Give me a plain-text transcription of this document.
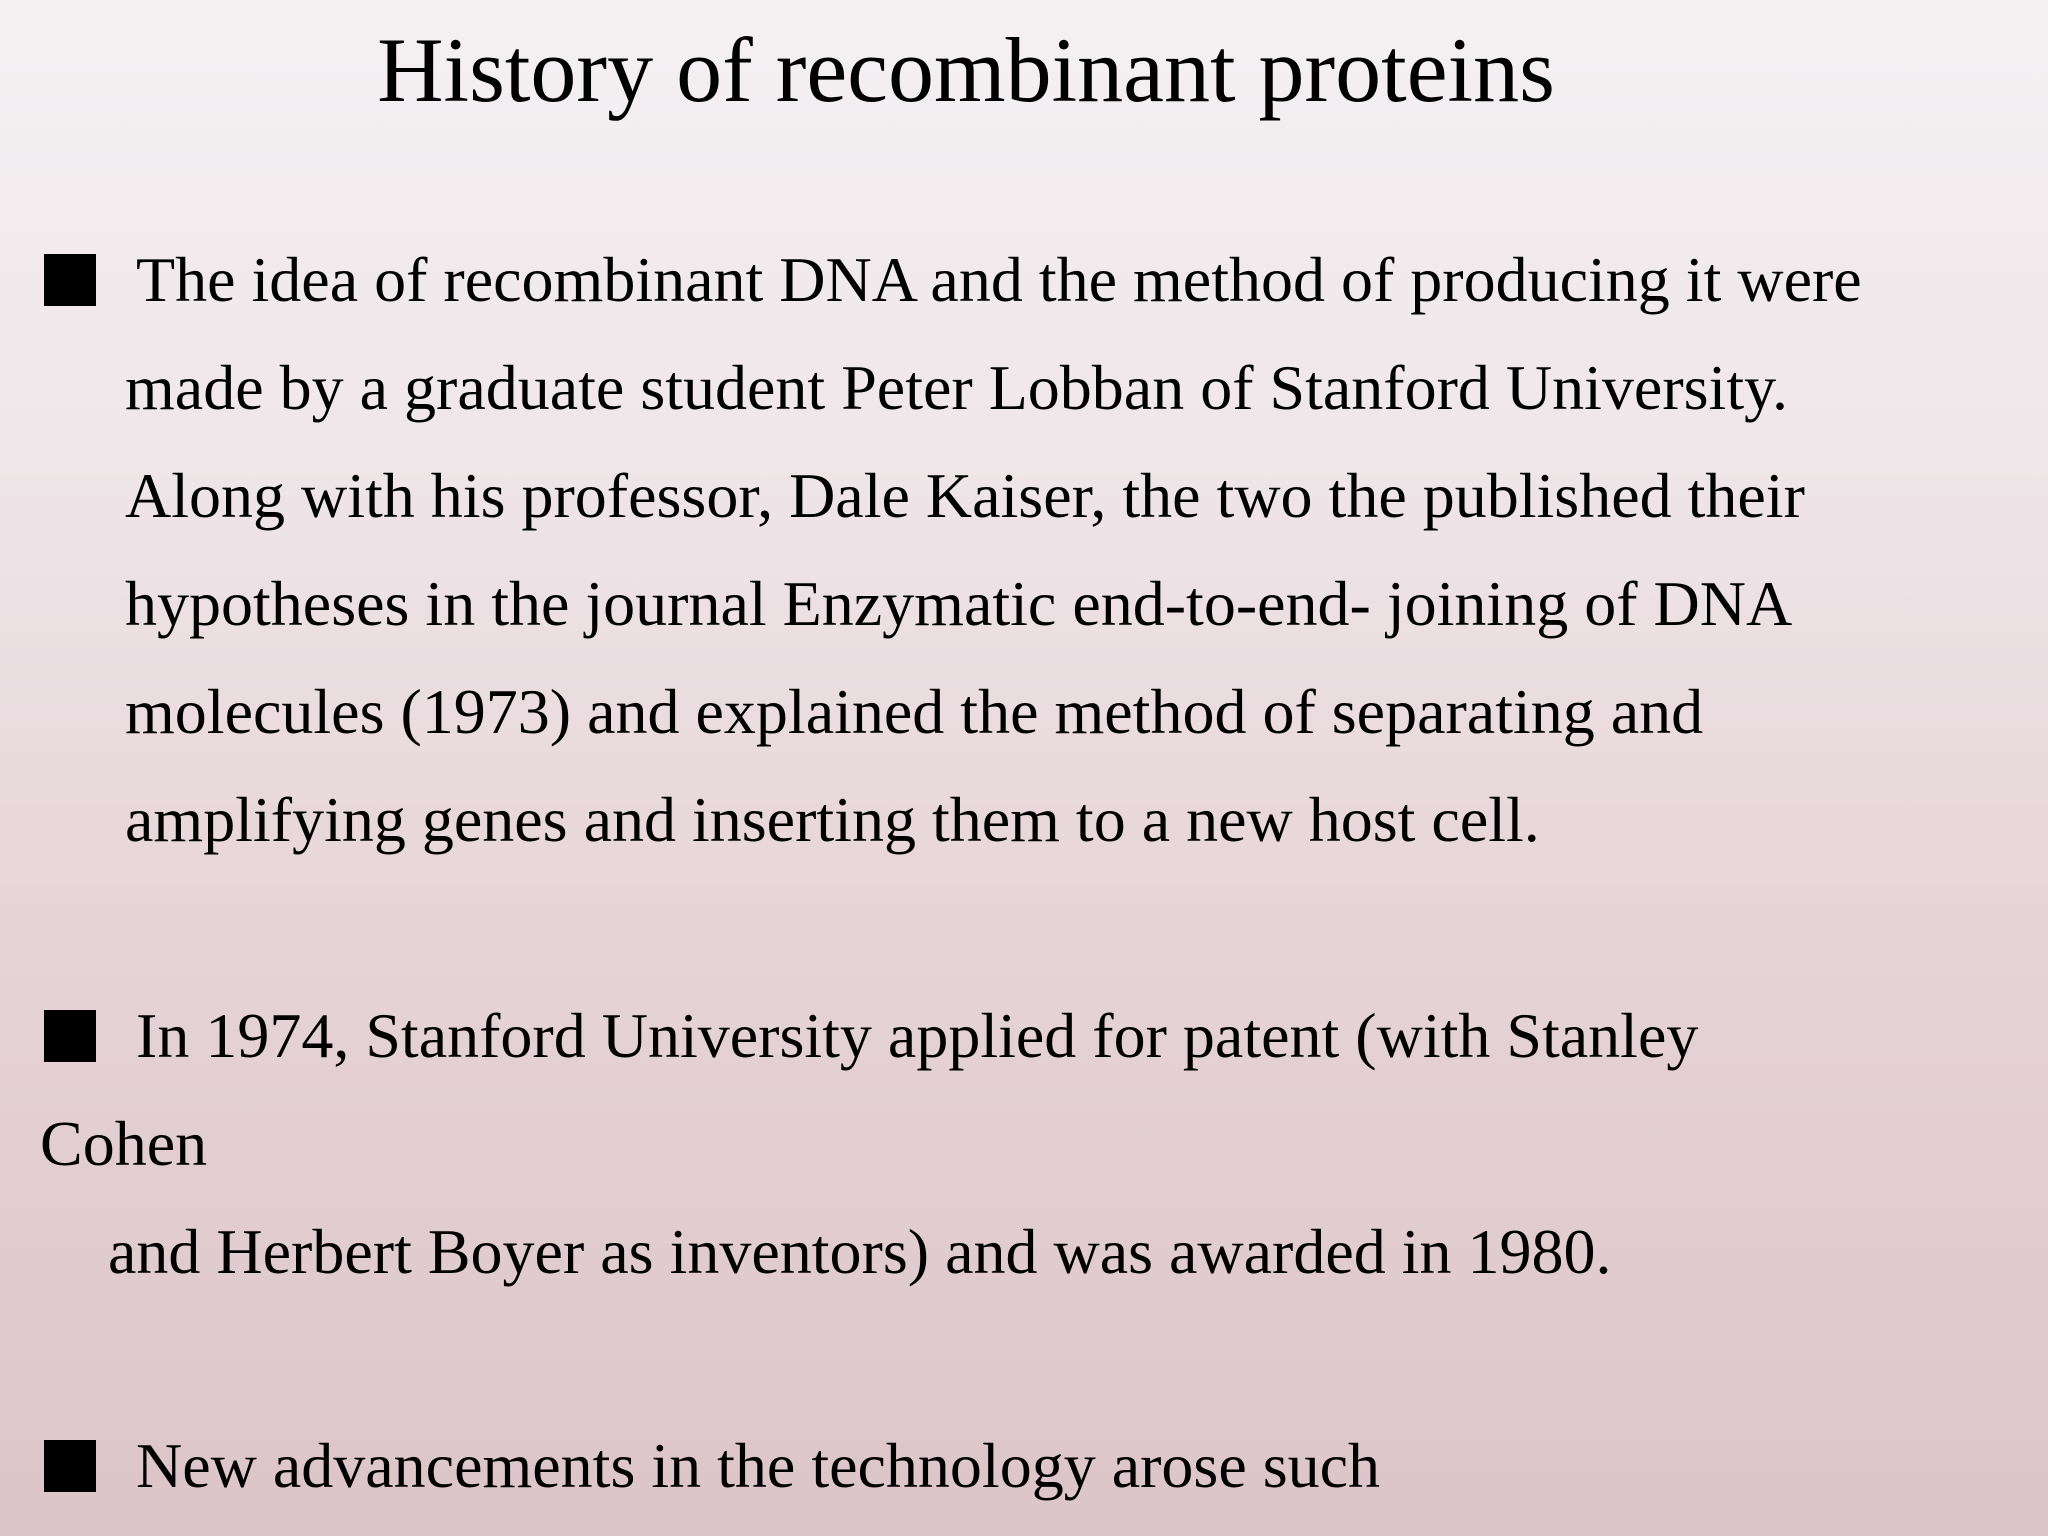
History of recombinant proteins
The idea of recombinant DNA and the method of producing it were
made by a graduate student Peter Lobban of Stanford University.
Along with his professor, Dale Kaiser, the two the published their
hypotheses in the journal Enzymatic end-to-end- joining of DNA
molecules (1973) and explained the method of separating and
amplifying genes and inserting them to a new host cell.
In 1974, Stanford University applied for patent (with Stanley
Cohen
and Herbert Boyer as inventors) and was awarded in 1980.
New advancements in the technology arose such
